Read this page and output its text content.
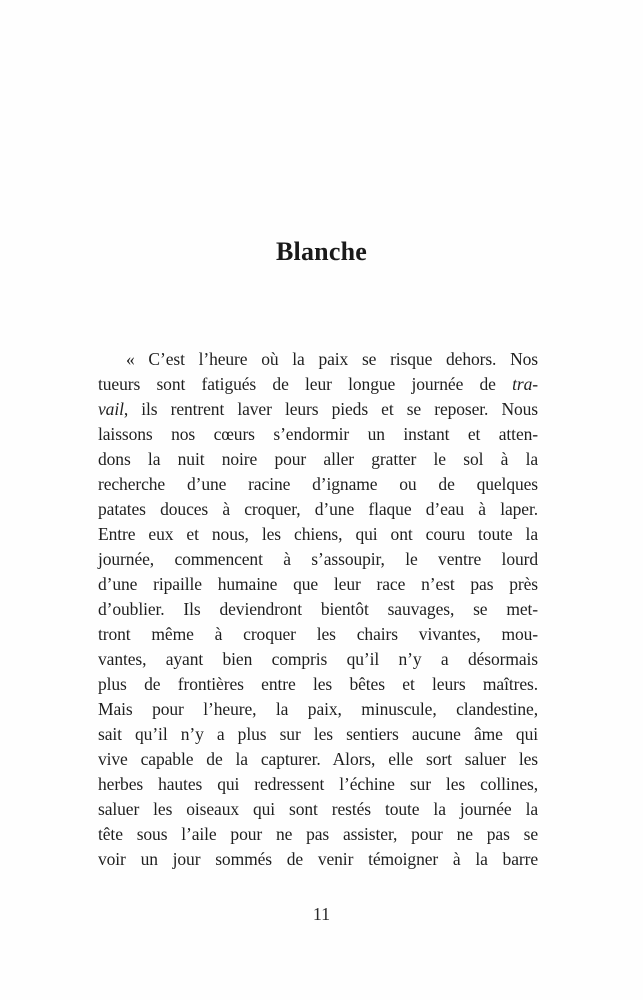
Blanche
« C’est l’heure où la paix se risque dehors. Nos
tueurs sont fatigués de leur longue journée de tra-
vail, ils rentrent laver leurs pieds et se reposer. Nous
laissons nos cœurs s’endormir un instant et atten-
dons la nuit noire pour aller gratter le sol à la
recherche d’une racine d’igname ou de quelques
patates douces à croquer, d’une flaque d’eau à laper.
Entre eux et nous, les chiens, qui ont couru toute la
journée, commencent à s’assoupir, le ventre lourd
d’une ripaille humaine que leur race n’est pas près
d’oublier. Ils deviendront bientôt sauvages, se met-
tront même à croquer les chairs vivantes, mou-
vantes, ayant bien compris qu’il n’y a désormais
plus de frontières entre les bêtes et leurs maîtres.
Mais pour l’heure, la paix, minuscule, clandestine,
sait qu’il n’y a plus sur les sentiers aucune âme qui
vive capable de la capturer. Alors, elle sort saluer les
herbes hautes qui redressent l’échine sur les collines,
saluer les oiseaux qui sont restés toute la journée la
tête sous l’aile pour ne pas assister, pour ne pas se
voir un jour sommés de venir témoigner à la barre
11
